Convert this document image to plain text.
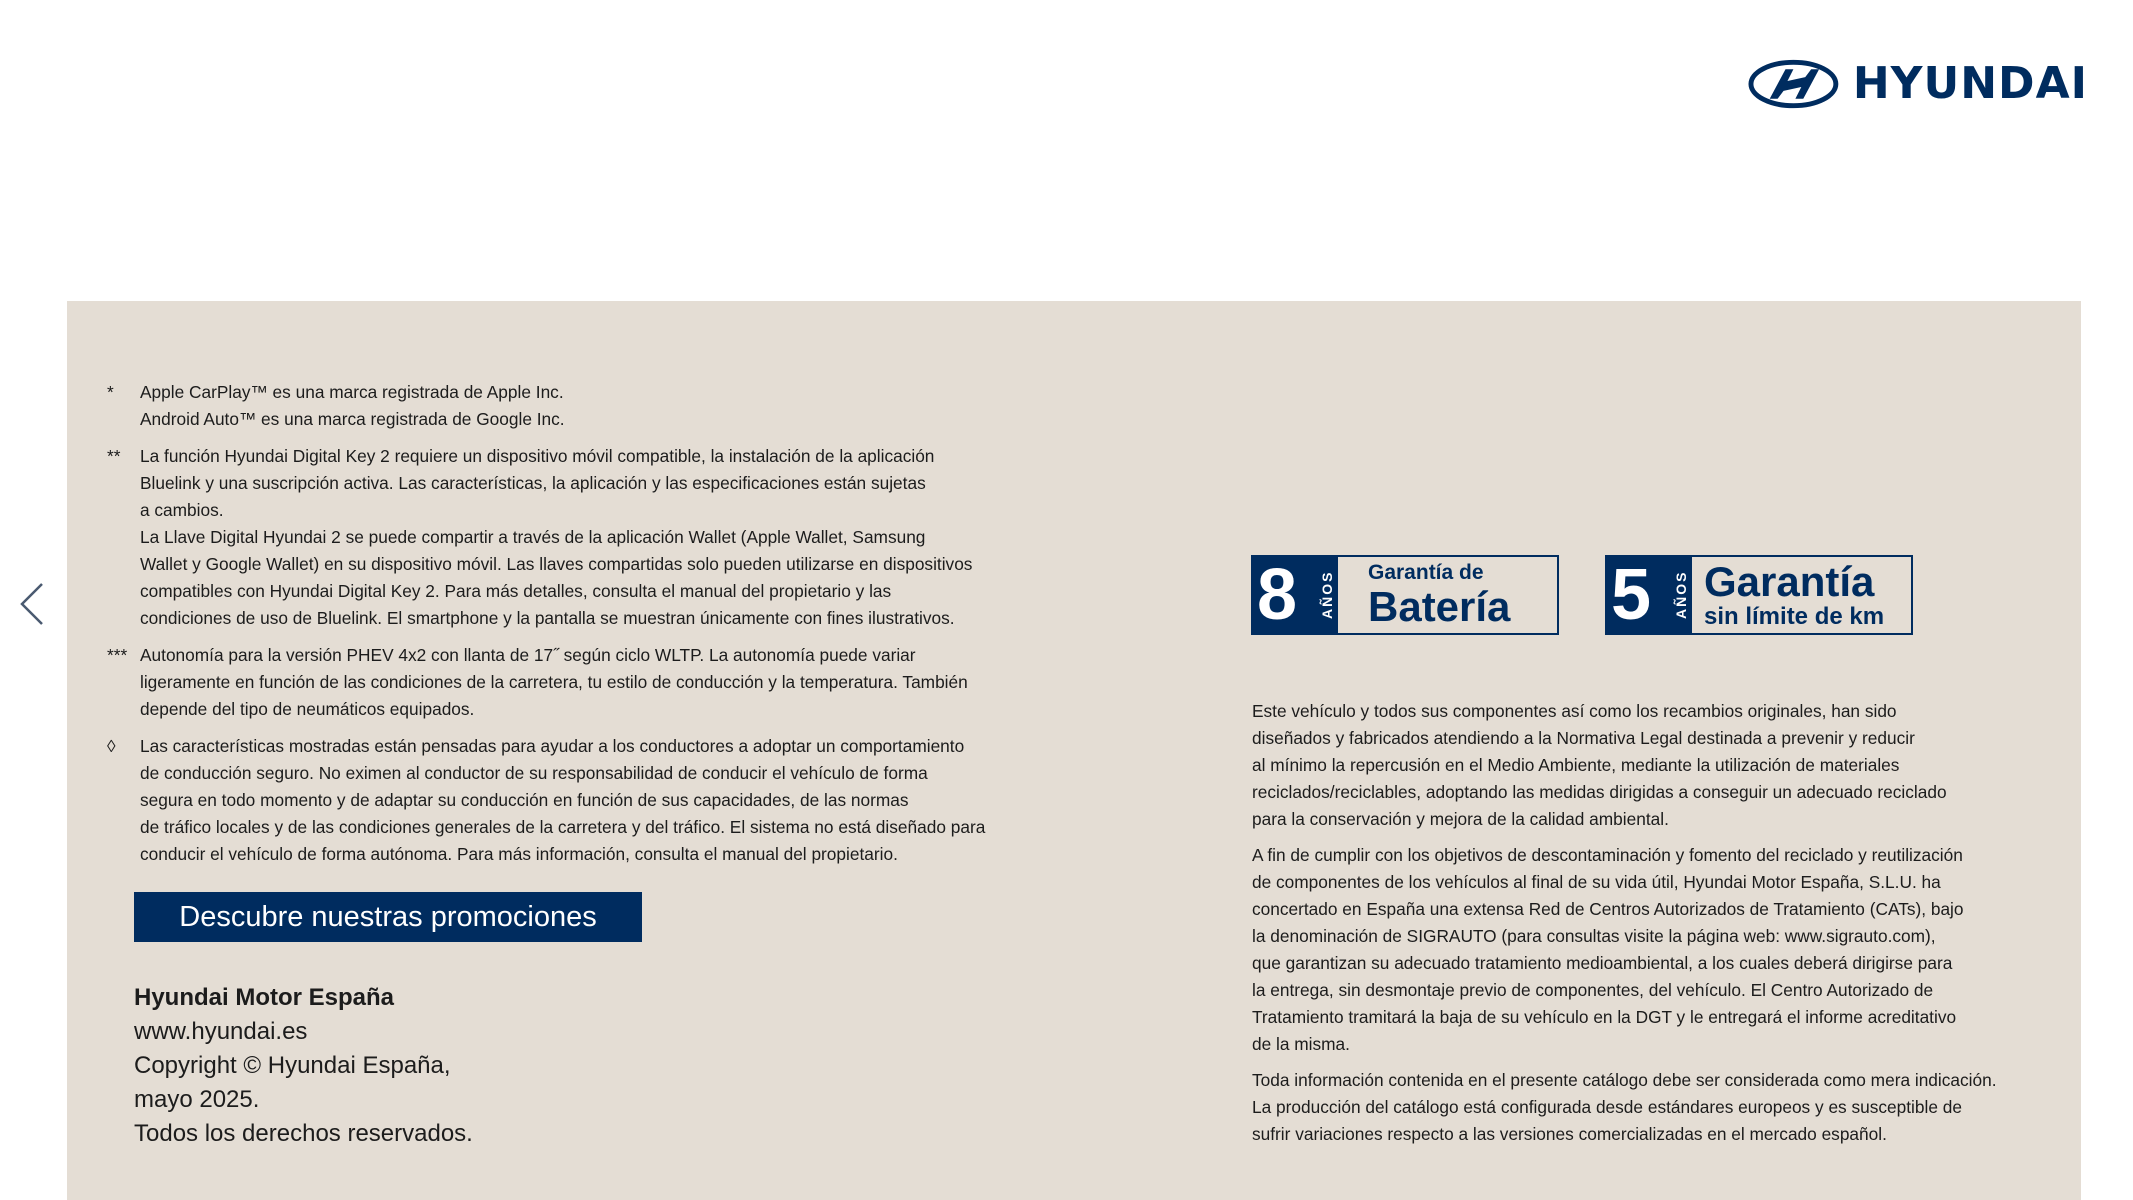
HYUNDAI
*	Apple CarPlay™ es una marca registrada de Apple Inc.
Android Auto™ es una marca registrada de Google Inc.
**	La función Hyundai Digital Key 2 requiere un dispositivo móvil compatible, la instalación de la aplicación
Bluelink y una suscripción activa. Las características, la aplicación y las especificaciones están sujetas
a cambios.
La Llave Digital Hyundai 2 se puede compartir a través de la aplicación Wallet (Apple Wallet, Samsung
Wallet y Google Wallet) en su dispositivo móvil. Las llaves compartidas solo pueden utilizarse en dispositivos
compatibles con Hyundai Digital Key 2. Para más detalles, consulta el manual del propietario y las
condiciones de uso de Bluelink. El smartphone y la pantalla se muestran únicamente con fines ilustrativos.
*** Autonomía para la versión PHEV 4x2 con llanta de 17˝ según ciclo WLTP. La autonomía puede variar
ligeramente en función de las condiciones de la carretera, tu estilo de conducción y la temperatura. También
depende del tipo de neumáticos equipados.
◊	Las características mostradas están pensadas para ayudar a los conductores a adoptar un comportamiento
de conducción seguro. No eximen al conductor de su responsabilidad de conducir el vehículo de forma
segura en todo momento y de adaptar su conducción en función de sus capacidades, de las normas
de tráfico locales y de las condiciones generales de la carretera y del tráfico. El sistema no está diseñado para
conducir el vehículo de forma autónoma. Para más información, consulta el manual del propietario.
Descubre nuestras promociones
Hyundai Motor España
www.hyundai.es
Copyright © Hyundai España,
mayo 2025.
Todos los derechos reservados.
8 AÑOS Garantía de
Batería 5 AÑOS Garantía
sin límite de km
Este vehículo y todos sus componentes así como los recambios originales, han sido
diseñados y fabricados atendiendo a la Normativa Legal destinada a prevenir y reducir
al mínimo la repercusión en el Medio Ambiente, mediante la utilización de materiales
reciclados/reciclables, adoptando las medidas dirigidas a conseguir un adecuado reciclado
para la conservación y mejora de la calidad ambiental.
A fin de cumplir con los objetivos de descontaminación y fomento del reciclado y reutilización
de componentes de los vehículos al final de su vida útil, Hyundai Motor España, S.L.U. ha
concertado en España una extensa Red de Centros Autorizados de Tratamiento (CATs), bajo
la denominación de SIGRAUTO (para consultas visite la página web: www.sigrauto.com),
que garantizan su adecuado tratamiento medioambiental, a los cuales deberá dirigirse para
la entrega, sin desmontaje previo de componentes, del vehículo. El Centro Autorizado de
Tratamiento tramitará la baja de su vehículo en la DGT y le entregará el informe acreditativo
de la misma.
Toda información contenida en el presente catálogo debe ser considerada como mera indicación.
La producción del catálogo está configurada desde estándares europeos y es susceptible de
sufrir variaciones respecto a las versiones comercializadas en el mercado español.
